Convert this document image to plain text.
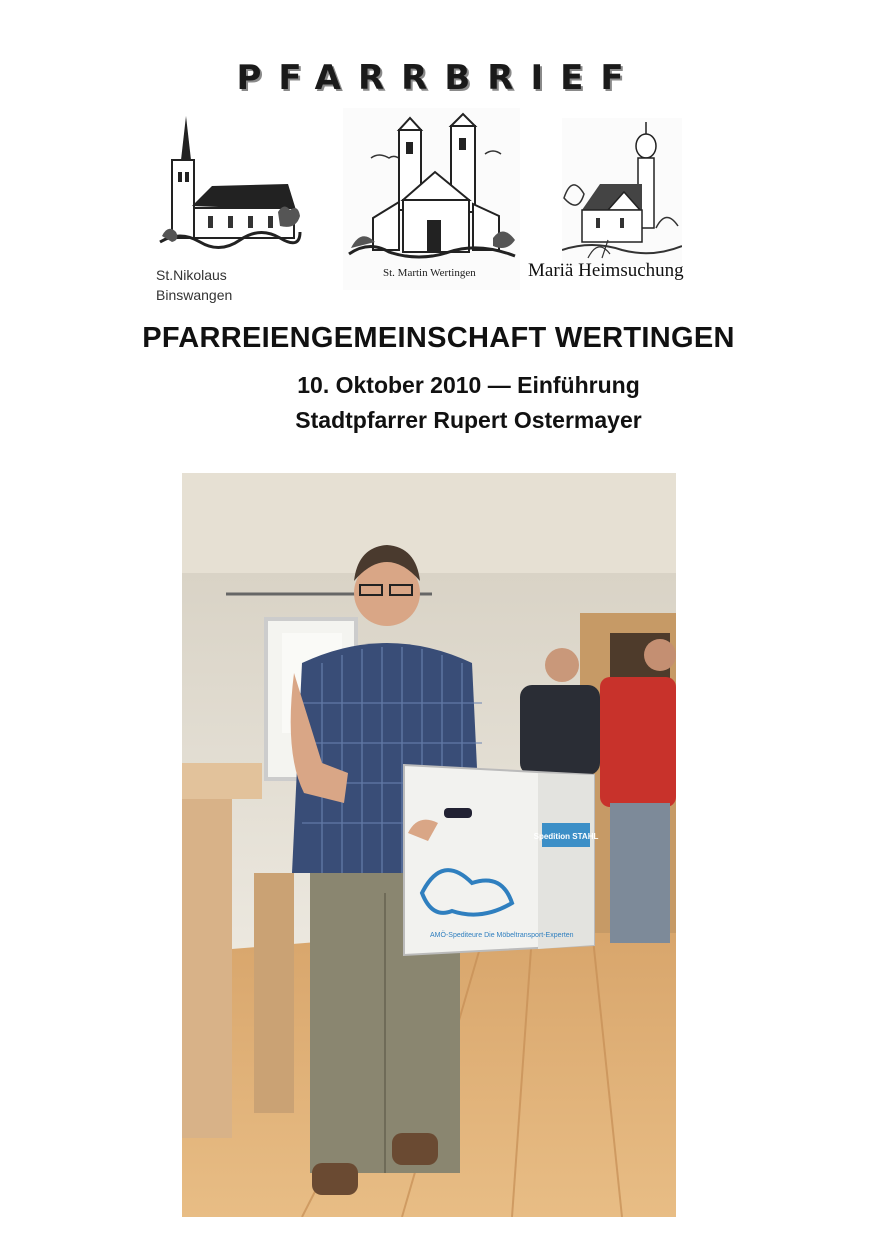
PFARRBRIEF
St. Martin Wertingen
St.Nikolaus
Binswangen
Mariä Heimsuchung
PFARREIENGEMEINSCHAFT WERTINGEN
10. Oktober 2010 — Einführung
Stadtpfarrer Rupert Ostermayer
Spedition STAHL
AMÖ-Spediteure Die Möbeltransport-Experten
